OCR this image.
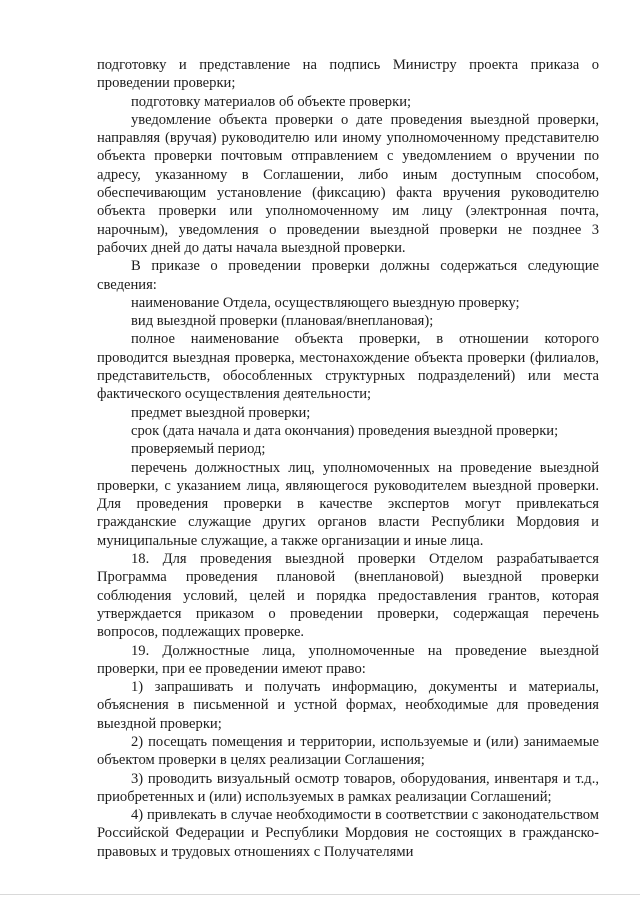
подготовку и представление на подпись Министру проекта приказа о проведении проверки;

подготовку материалов об объекте проверки;

уведомление объекта проверки о дате проведения выездной проверки, направляя (вручая) руководителю или иному уполномоченному представителю объекта проверки почтовым отправлением с уведомлением о вручении по адресу, указанному в Соглашении, либо иным доступным способом, обеспечивающим установление (фиксацию) факта вручения руководителю объекта проверки или уполномоченному им лицу (электронная почта, нарочным), уведомления о проведении выездной проверки не позднее 3 рабочих дней до даты начала выездной проверки.

В приказе о проведении проверки должны содержаться следующие сведения:

наименование Отдела, осуществляющего выездную проверку;

вид выездной проверки (плановая/внеплановая);

полное наименование объекта проверки, в отношении которого проводится выездная проверка, местонахождение объекта проверки (филиалов, представительств, обособленных структурных подразделений) или места фактического осуществления деятельности;

предмет выездной проверки;

срок (дата начала и дата окончания) проведения выездной проверки;

проверяемый период;

перечень должностных лиц, уполномоченных на проведение выездной проверки, с указанием лица, являющегося руководителем выездной проверки. Для проведения проверки в качестве экспертов могут привлекаться гражданские служащие других органов власти Республики Мордовия и муниципальные служащие, а также организации и иные лица.

18. Для проведения выездной проверки Отделом разрабатывается Программа проведения плановой (внеплановой) выездной проверки соблюдения условий, целей и порядка предоставления грантов, которая утверждается приказом о проведении проверки, содержащая перечень вопросов, подлежащих проверке.

19. Должностные лица, уполномоченные на проведение выездной проверки, при ее проведении имеют право:

1) запрашивать и получать информацию, документы и материалы, объяснения в письменной и устной формах, необходимые для проведения выездной проверки;

2) посещать помещения и территории, используемые и (или) занимаемые объектом проверки в целях реализации Соглашения;

3) проводить визуальный осмотр товаров, оборудования, инвентаря и т.д., приобретенных и (или) используемых в рамках реализации Соглашений;

4) привлекать в случае необходимости в соответствии с законодательством Российской Федерации и Республики Мордовия не состоящих в гражданско-правовых и трудовых отношениях с Получателями
